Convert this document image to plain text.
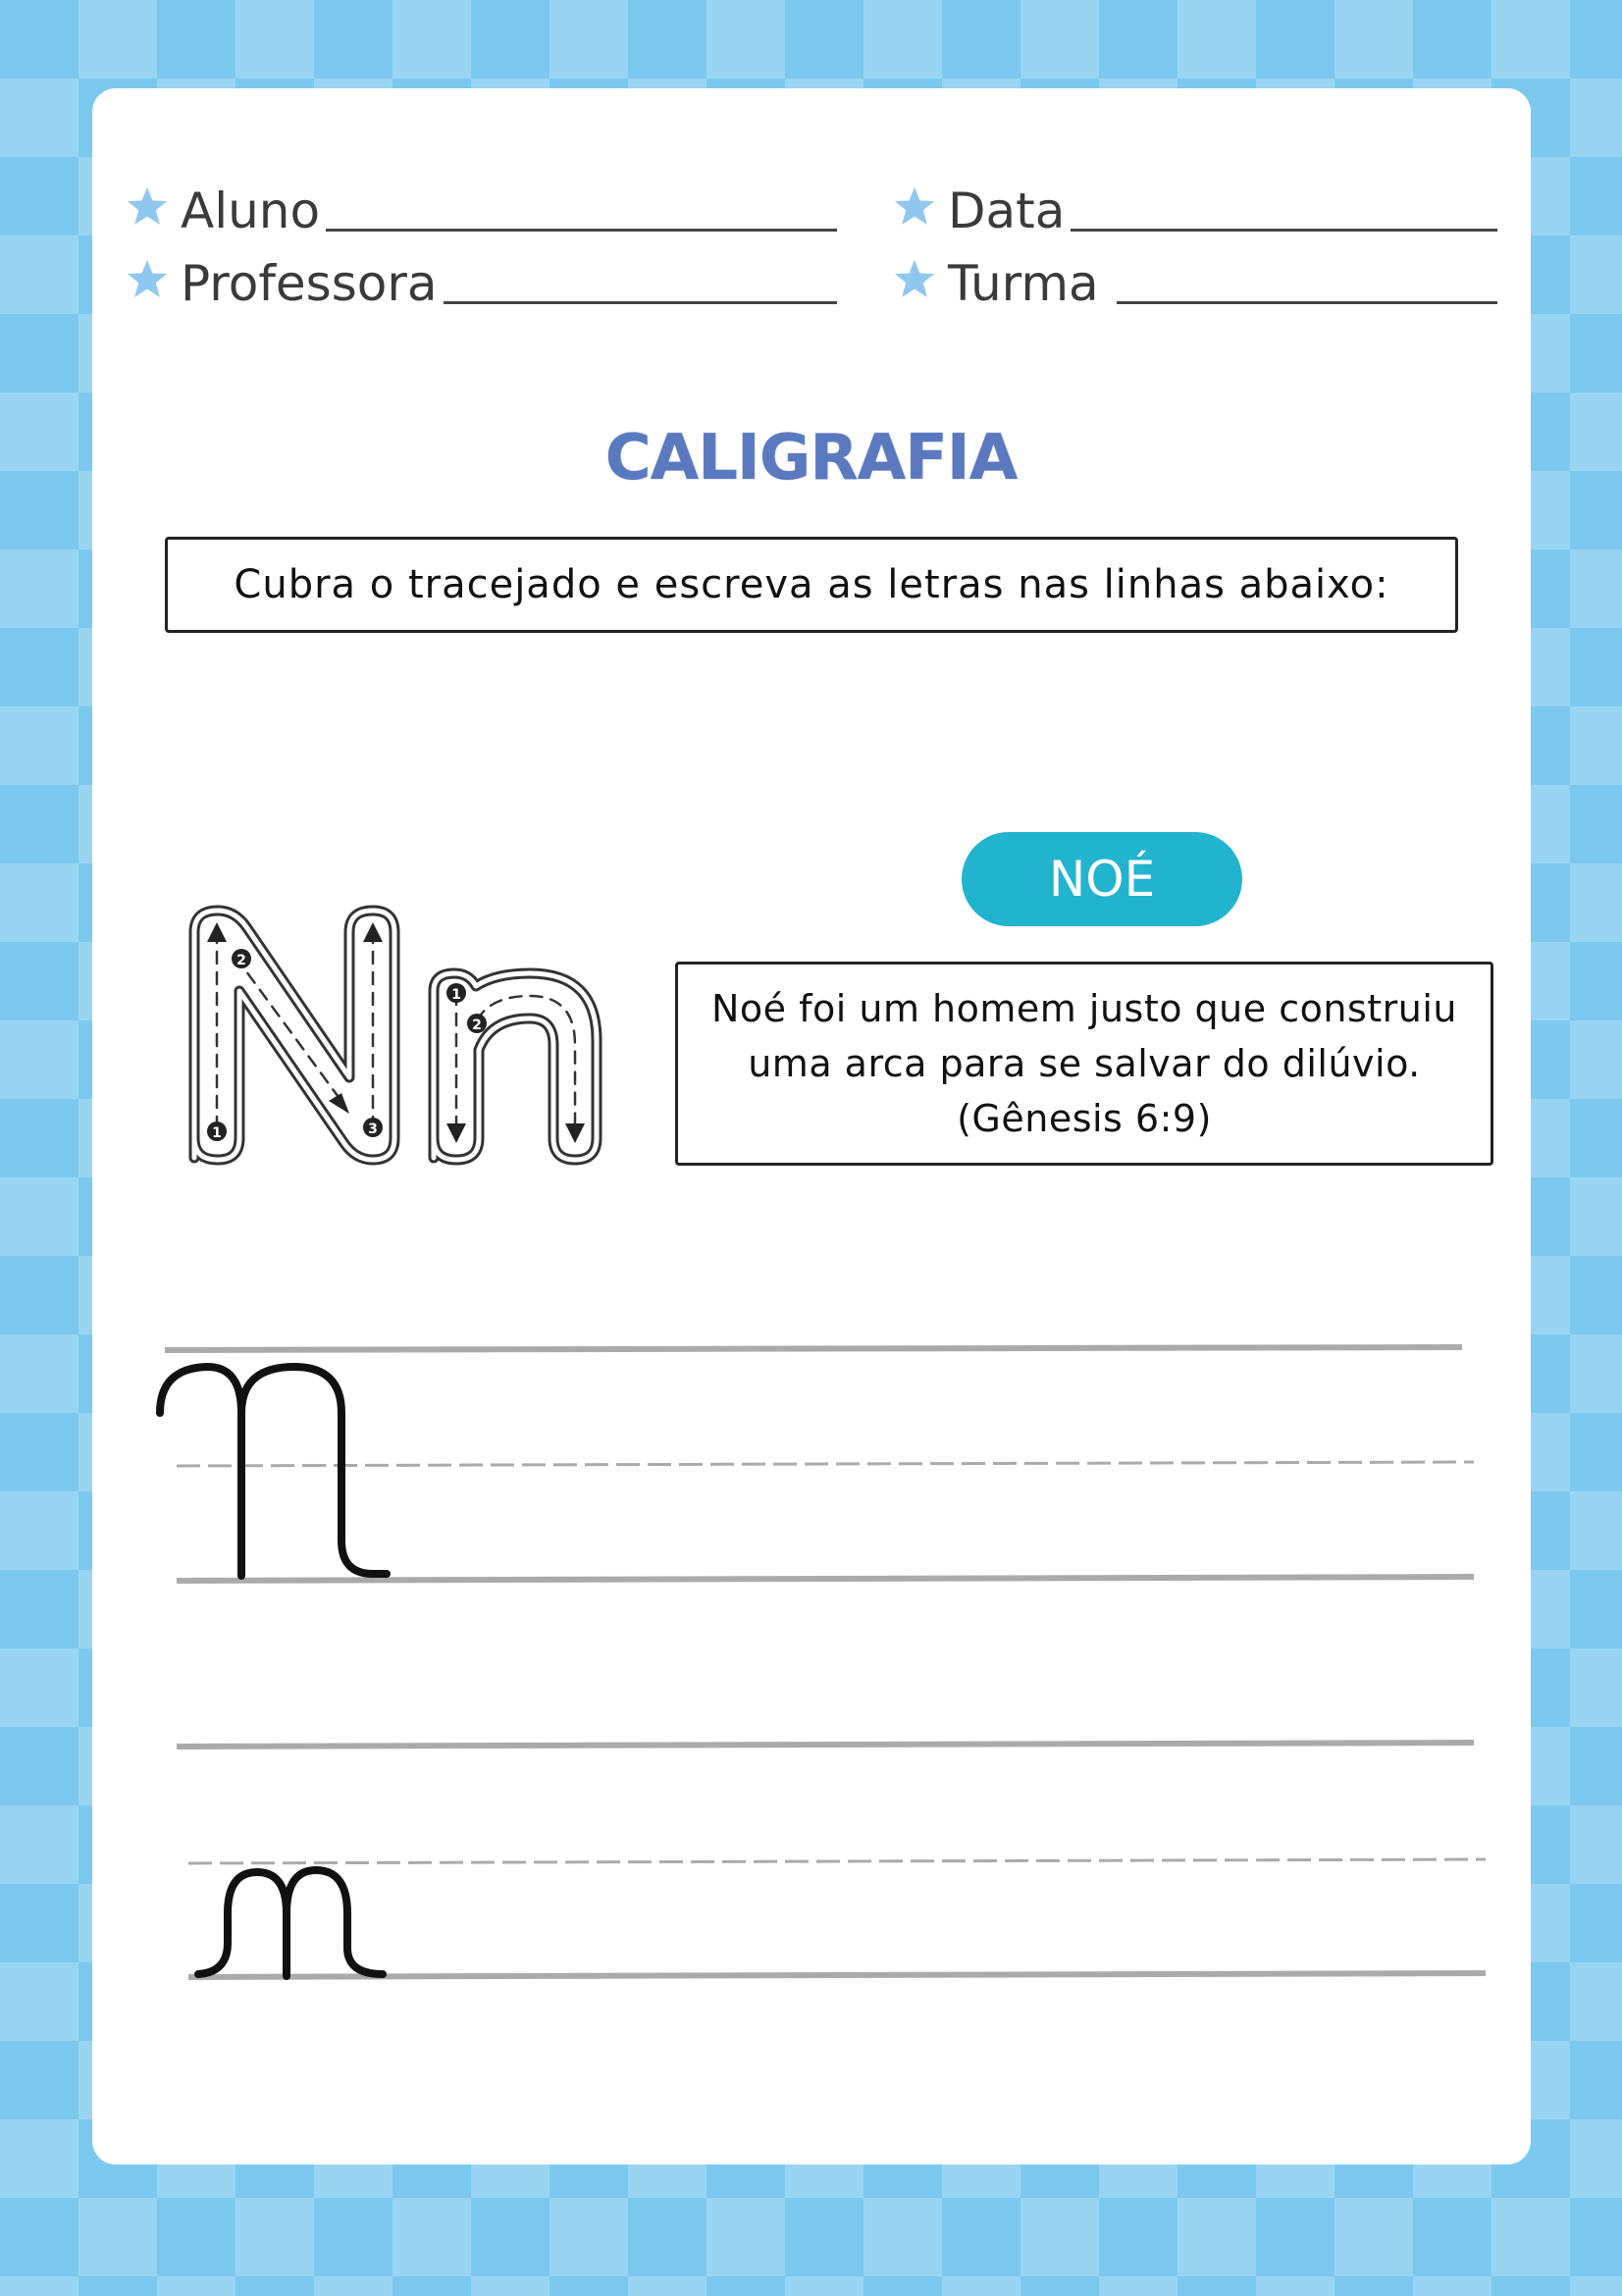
Aluno
Professora
Data
Turma
CALIGRAFIA
Cubra o tracejado e escreva as letras nas linhas abaixo:
NOÉ
Noé foi um homem justo que construiu
uma arca para se salvar do dilúvio.
(Gênesis 6:9)
1
2
3
1
2
